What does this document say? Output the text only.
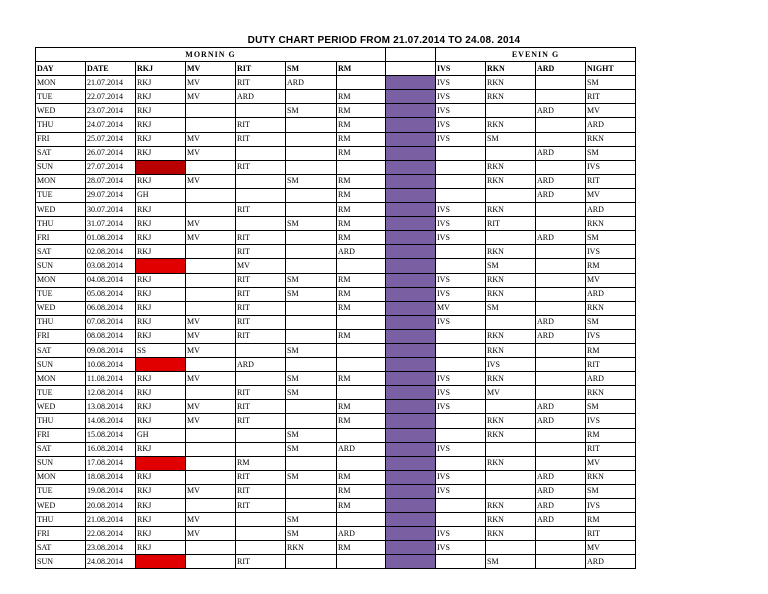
DUTY CHART PERIOD FROM 21.07.2014 TO 24.08. 2014
MORNIN G								EVENIN G			
DAY	DATE	RKJ	MV	RIT	SM	RM		IVS	RKN	ARD	NIGHT
MON	21.07.2014	RKJ	MV	RIT	ARD			IVS	RKN		SM
TUE	22.07.2014	RKJ	MV	ARD		RM		IVS	RKN		RIT
WED	23.07.2014	RKJ			SM	RM		IVS		ARD	MV
THU	24.07.2014	RKJ		RIT		RM		IVS	RKN		ARD
FRI	25.07.2014	RKJ	MV	RIT		RM		IVS	SM		RKN
SAT	26.07.2014	RKJ	MV			RM				ARD	SM
SUN	27.07.2014			RIT					RKN		IVS
MON	28.07.2014	RKJ	MV		SM	RM			RKN	ARD	RIT
TUE	29.07.2014	GH				RM				ARD	MV
WED	30.07.2014	RKJ		RIT		RM		IVS	RKN		ARD
THU	31.07.2014	RKJ	MV		SM	RM		IVS	RIT		RKN
FRI	01.08.2014	RKJ	MV	RIT		RM		IVS		ARD	SM
SAT	02.08.2014	RKJ		RIT		ARD			RKN		IVS
SUN	03.08.2014			MV					SM		RM
MON	04.08.2014	RKJ		RIT	SM	RM		IVS	RKN		MV
TUE	05.08.2014	RKJ		RIT	SM	RM		IVS	RKN		ARD
WED	06.08.2014	RKJ		RIT		RM		MV	SM		RKN
THU	07.08.2014	RKJ	MV	RIT				IVS		ARD	SM
FRI	08.08.2014	RKJ	MV	RIT		RM			RKN	ARD	IVS
SAT	09.08.2014	SS	MV		SM				RKN		RM
SUN	10.08.2014			ARD					IVS		RIT
MON	11.08.2014	RKJ	MV		SM	RM		IVS	RKN		ARD
TUE	12.08.2014	RKJ		RIT	SM			IVS	MV		RKN
WED	13.08.2014	RKJ	MV	RIT		RM		IVS		ARD	SM
THU	14.08.2014	RKJ	MV	RIT		RM			RKN	ARD	IVS
FRI	15.08.2014	GH			SM				RKN		RM
SAT	16.08.2014	RKJ			SM	ARD		IVS			RIT
SUN	17.08.2014			RM					RKN		MV
MON	18.08.2014	RKJ		RIT	SM	RM		IVS		ARD	RKN
TUE	19.08.2014	RKJ	MV	RIT		RM		IVS		ARD	SM
WED	20.08.2014	RKJ		RIT		RM			RKN	ARD	IVS
THU	21.08.2014	RKJ	MV		SM				RKN	ARD	RM
FRI	22.08.2014	RKJ	MV		SM	ARD		IVS	RKN		RIT
SAT	23.08.2014	RKJ			RKN	RM		IVS			MV
SUN	24.08.2014			RIT					SM		ARD
